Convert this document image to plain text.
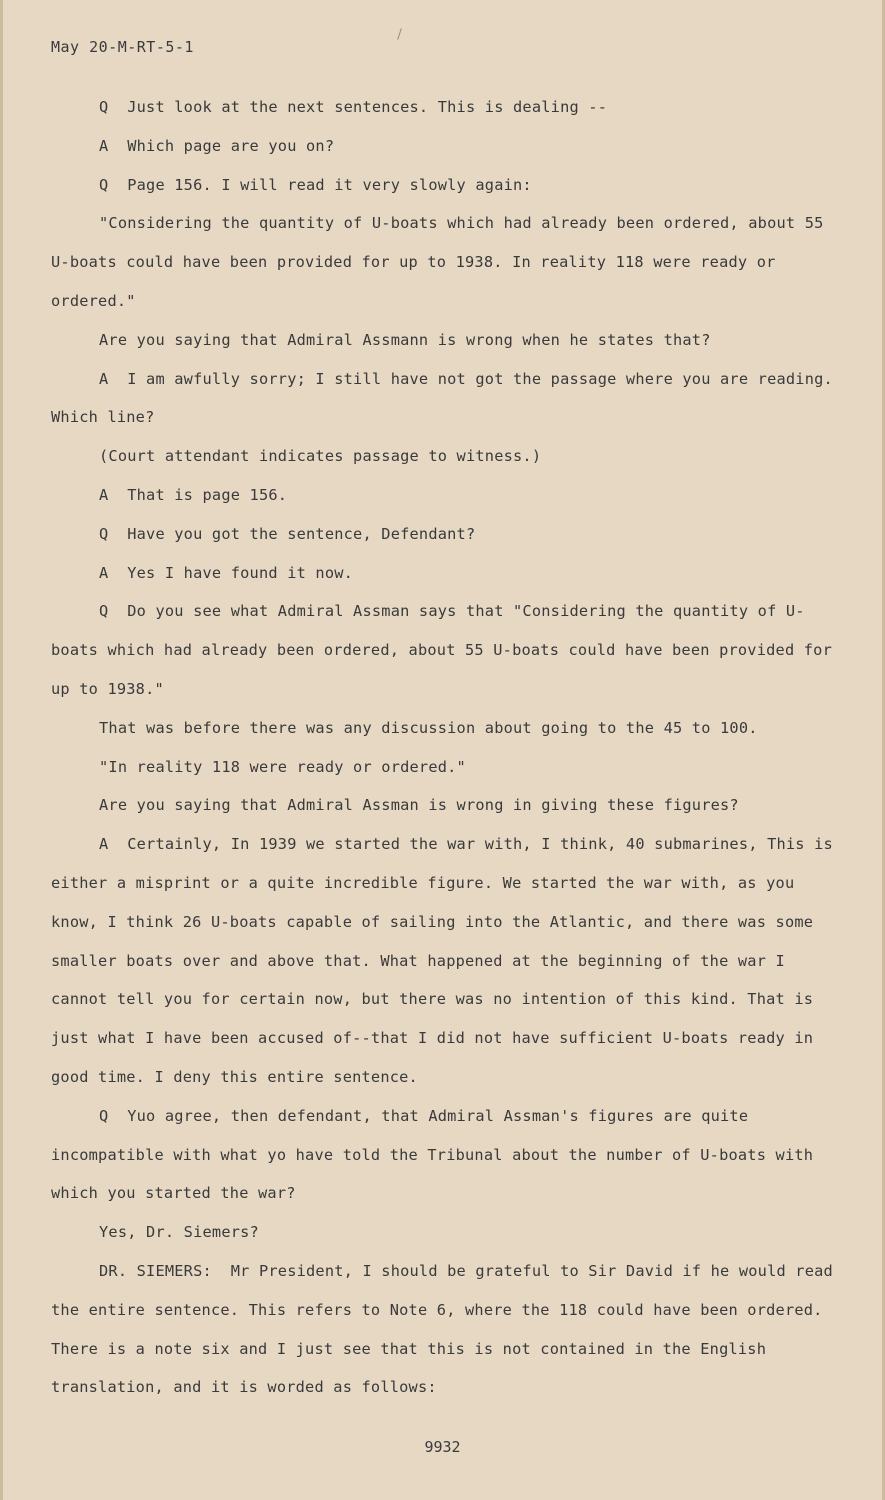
May 20-M-RT-5-1

Q  Just look at the next sentences. This is dealing --

A  Which page are you on?

Q  Page 156. I will read it very slowly again:

"Considering the quantity of U-boats which had already been ordered, about 55 U-boats could have been provided for up to 1938. In reality 118 were ready or ordered."

Are you saying that Admiral Assmann is wrong when he states that?

A  I am awfully sorry; I still have not got the passage where you are reading. Which line?

(Court attendant indicates passage to witness.)

A  That is page 156.

Q  Have you got the sentence, Defendant?

A  Yes I have found it now.

Q  Do you see what Admiral Assman says that "Considering the quantity of U-boats which had already been ordered, about 55 U-boats could have been provided for up to 1938."

That was before there was any discussion about going to the 45 to 100.

"In reality 118 were ready or ordered."

Are you saying that Admiral Assman is wrong in giving these figures?

A  Certainly, In 1939 we started the war with, I think, 40 submarines, This is either a misprint or a quite incredible figure. We started the war with, as you know, I think 26 U-boats capable of sailing into the Atlantic, and there was some smaller boats over and above that. What happened at the beginning of the war I cannot tell you for certain now, but there was no intention of this kind. That is just what I have been accused of--that I did not have sufficient U-boats ready in good time. I deny this entire sentence.

Q  Yuo agree, then defendant, that Admiral Assman's figures are quite incompatible with what yo have told the Tribunal about the number of U-boats with which you started the war?

Yes, Dr. Siemers?

DR. SIEMERS:  Mr President, I should be grateful to Sir David if he would read the entire sentence. This refers to Note 6, where the 118 could have been ordered. There is a note six and I just see that this is not contained in the English translation, and it is worded as follows:

9932
